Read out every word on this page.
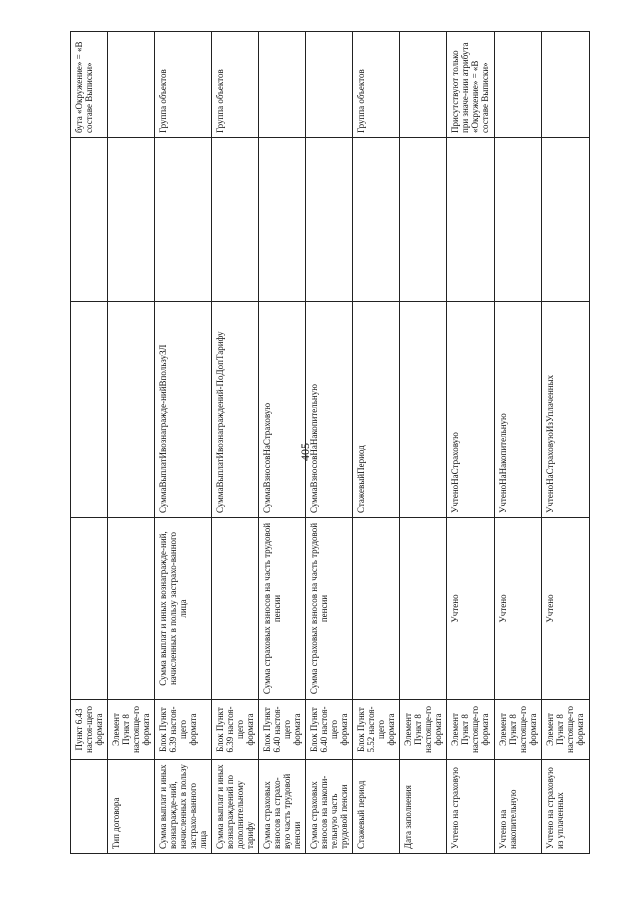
405
	Пункт 6.43 настоя-щего формата				бута «Окружение» = «В составе Выписки»
Тип договора	Элемент Пункт 8 настояще-го формата				
Сумма выплат и иных вознагражде-ний, начисленных в пользу застрахо-ванного лица	Блок Пункт 6.39 настоя-щего формата	Сумма выплат и иных вознагражде-ний, начисленных в пользу застрахо-ванного лица	СуммаВыплатИвознагражде-нийВпользуЗЛ		Группа объектов
Сумма выплат и иных вознаграждений по дополнительному тарифу	Блок Пункт 6.39 настоя-щего формата		СуммаВыплатИвознаграждений-ПоДопТарифу		Группа объектов
Сумма страховых взносов на страхо-вую часть трудовой пенсии	Блок Пункт 6.40 настоя-щего формата	Сумма страховых взносов на часть трудовой пенсии	СуммаВзносовНаСтраховую		
Сумма страховых взносов на накопи-тельную часть трудовой пенсии	Блок Пункт 6.40 настоя-щего формата	Сумма страховых взносов на часть трудовой пенсии	СуммаВзносовНаНакопительную		
Стажевый период	Блок Пункт 5.52 настоя-щего формата		СтажевыйПериод		Группа объектов
Дата заполнения	Элемент Пункт 8 настояще-го формата				
Учтено на страховую	Элемент Пункт 8 настояще-го формата	Учтено	УчтеноНаСтраховую		Присутствуют только при значе-нии атрибута «Окружение» = «В составе Выписки»
Учтено на накопительную	Элемент Пункт 8 настояще-го формата	Учтено	УчтеноНаНакопительную		
Учтено на страховую из уплаченных	Элемент Пункт 8 настояще-го формата	Учтено	УчтеноНаСтраховуюИзУплаченных		
